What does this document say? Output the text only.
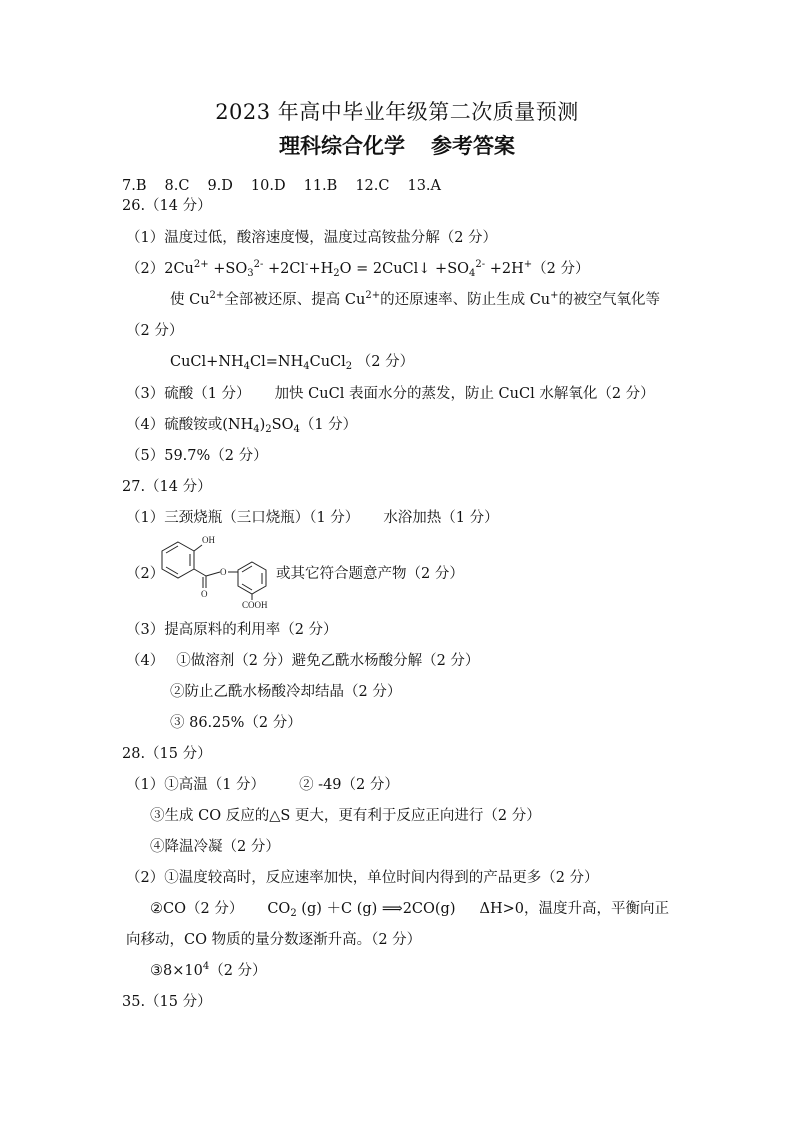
2023 年高中毕业年级第二次质量预测
理科综合化学 参考答案
7.B 8.C 9.D 10.D 11.B 12.C 13.A
26.（14 分）
（1）温度过低，酸溶速度慢，温度过高铵盐分解（2 分）
$(2)2Cu^{2+} +SO_3^{2-} +2Cl^-+H_2O$ = 2CuCl↓ $+SO_4^{2-} +2H^+(2$ 分）
使 $Cu^{2+}$全部被还原、提高 $Cu^{2+}$的还原速率、防止生成 Cu+的被空气氧化等
（2 分）
$CuCl+NH_4Cl=NH_4CuCl_2$ （2 分）
（3）硫酸（1 分） 加快 CuCl 表面水分的蒸发，防止 CuCl 水解氧化（2 分）
（4）硫酸铵或$(NH_4)_2SO_4(1$ 分）
（5）59.7%（2 分）
27.（14 分）
（1）三颈烧瓶（三口烧瓶）（1 分） 水浴加热（1 分）
（2）
OH
O
O
COOH
或其它符合题意产物（2 分）
（3）提高原料的利用率（2 分）
（4） ①做溶剂（2 分）避免乙酰水杨酸分解（2 分）
②防止乙酰水杨酸冷却结晶（2 分）
③ 86.25%（2 分）
28.（15 分）
（1）①高温（1 分） ② -49（2 分）
③生成 CO 反应的△S 更大，更有利于反应正向进行（2 分）
④降温冷凝（2 分）
（2）①温度较高时，反应速率加快，单位时间内得到的产品更多（2 分）
②CO（2 分） $CO_2$ (g) ＋C (g) ⟹2CO(g) ΔH>0，温度升高，平衡向正
向移动，CO 物质的量分数逐渐升高。（2 分）
$③8\times 10^4(2$ 分）
35.（15 分）
